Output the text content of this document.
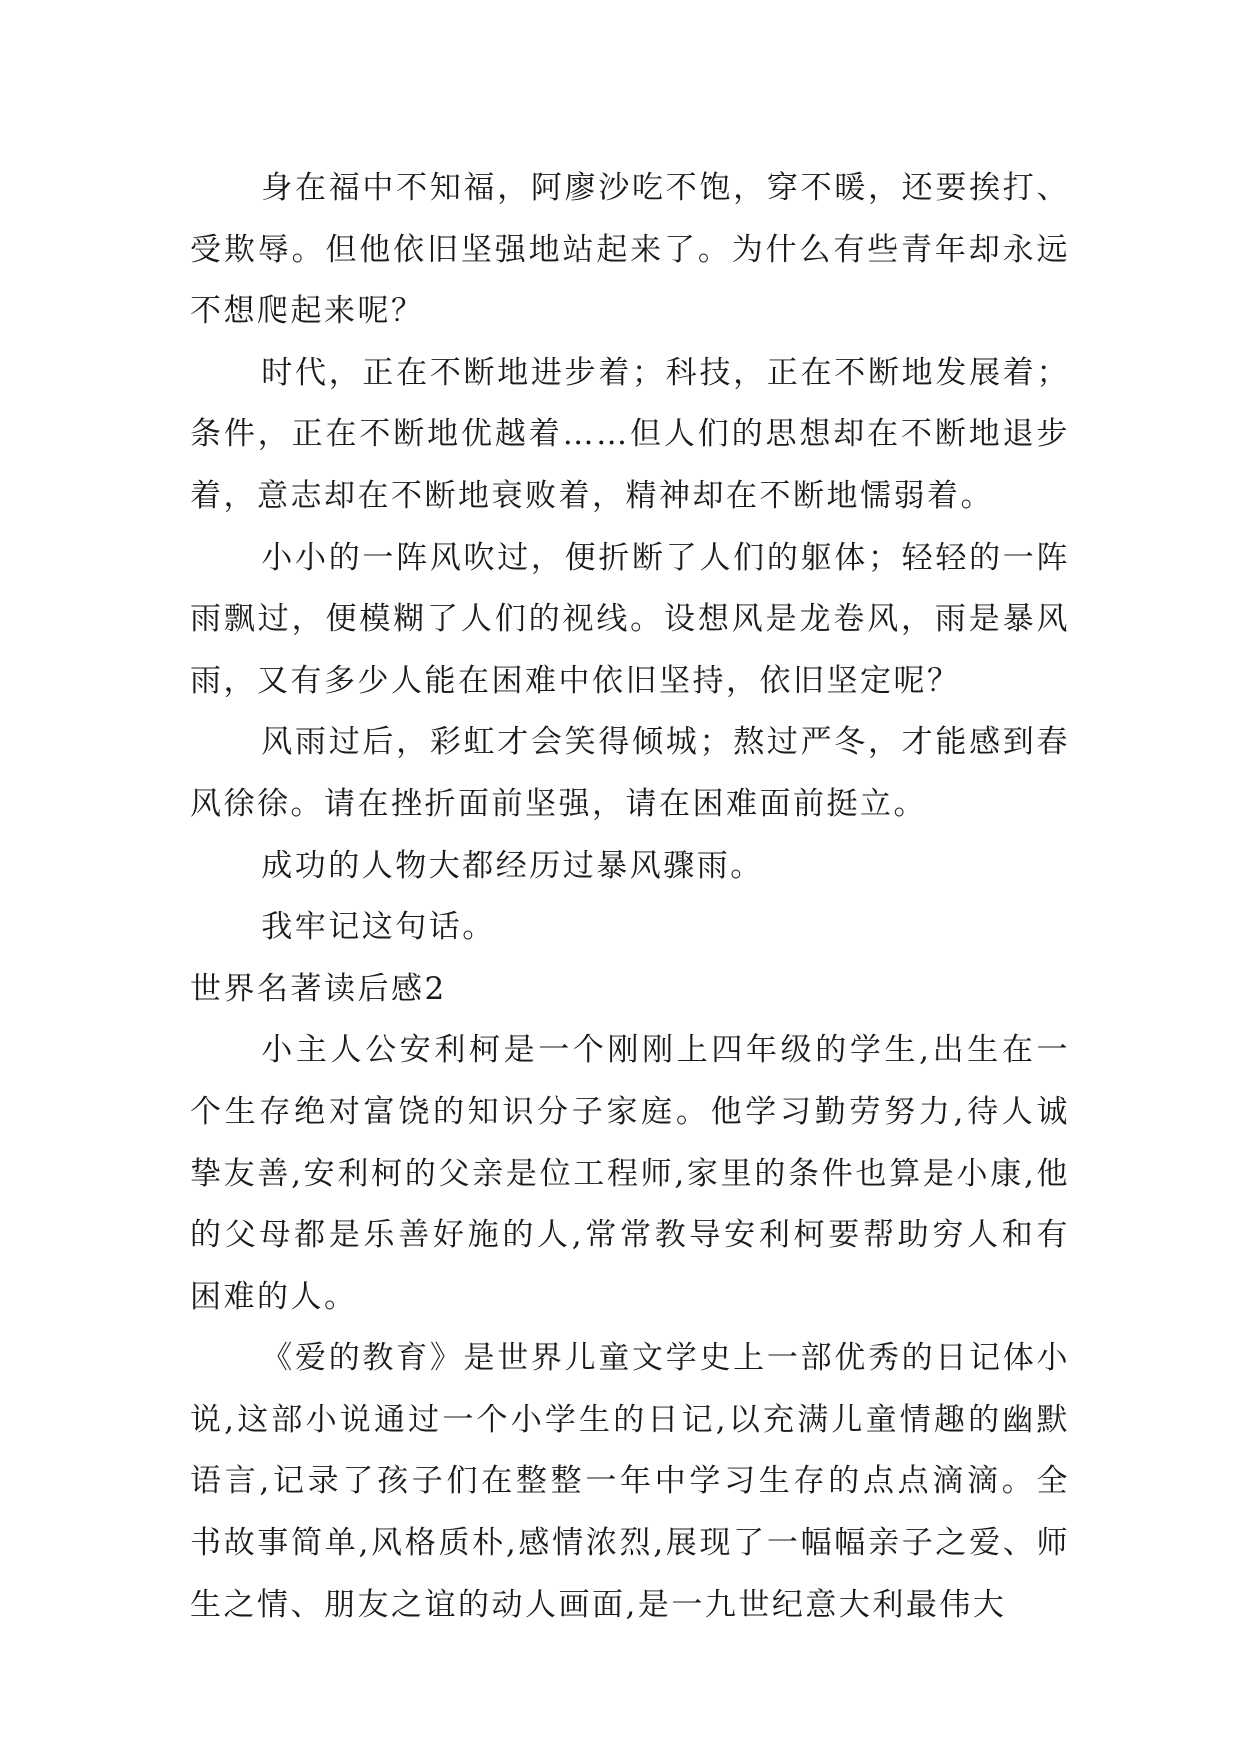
身在福中不知福，阿廖沙吃不饱，穿不暖，还要挨打、受欺辱。但他依旧坚强地站起来了。为什么有些青年却永远不想爬起来呢？

时代，正在不断地进步着；科技，正在不断地发展着；条件，正在不断地优越着……但人们的思想却在不断地退步着，意志却在不断地衰败着，精神却在不断地懦弱着。

小小的一阵风吹过，便折断了人们的躯体；轻轻的一阵雨飘过，便模糊了人们的视线。设想风是龙卷风，雨是暴风雨，又有多少人能在困难中依旧坚持，依旧坚定呢？

风雨过后，彩虹才会笑得倾城；熬过严冬，才能感到春风徐徐。请在挫折面前坚强，请在困难面前挺立。

成功的人物大都经历过暴风骤雨。

我牢记这句话。

世界名著读后感2

小主人公安利柯是一个刚刚上四年级的学生,出生在一个生存绝对富饶的知识分子家庭。他学习勤劳努力,待人诚挚友善,安利柯的父亲是位工程师,家里的条件也算是小康,他的父母都是乐善好施的人,常常教导安利柯要帮助穷人和有困难的人。

《爱的教育》是世界儿童文学史上一部优秀的日记体小说,这部小说通过一个小学生的日记,以充满儿童情趣的幽默语言,记录了孩子们在整整一年中学习生存的点点滴滴。全书故事简单,风格质朴,感情浓烈,展现了一幅幅亲子之爱、师生之情、朋友之谊的动人画面,是一九世纪意大利最伟大
